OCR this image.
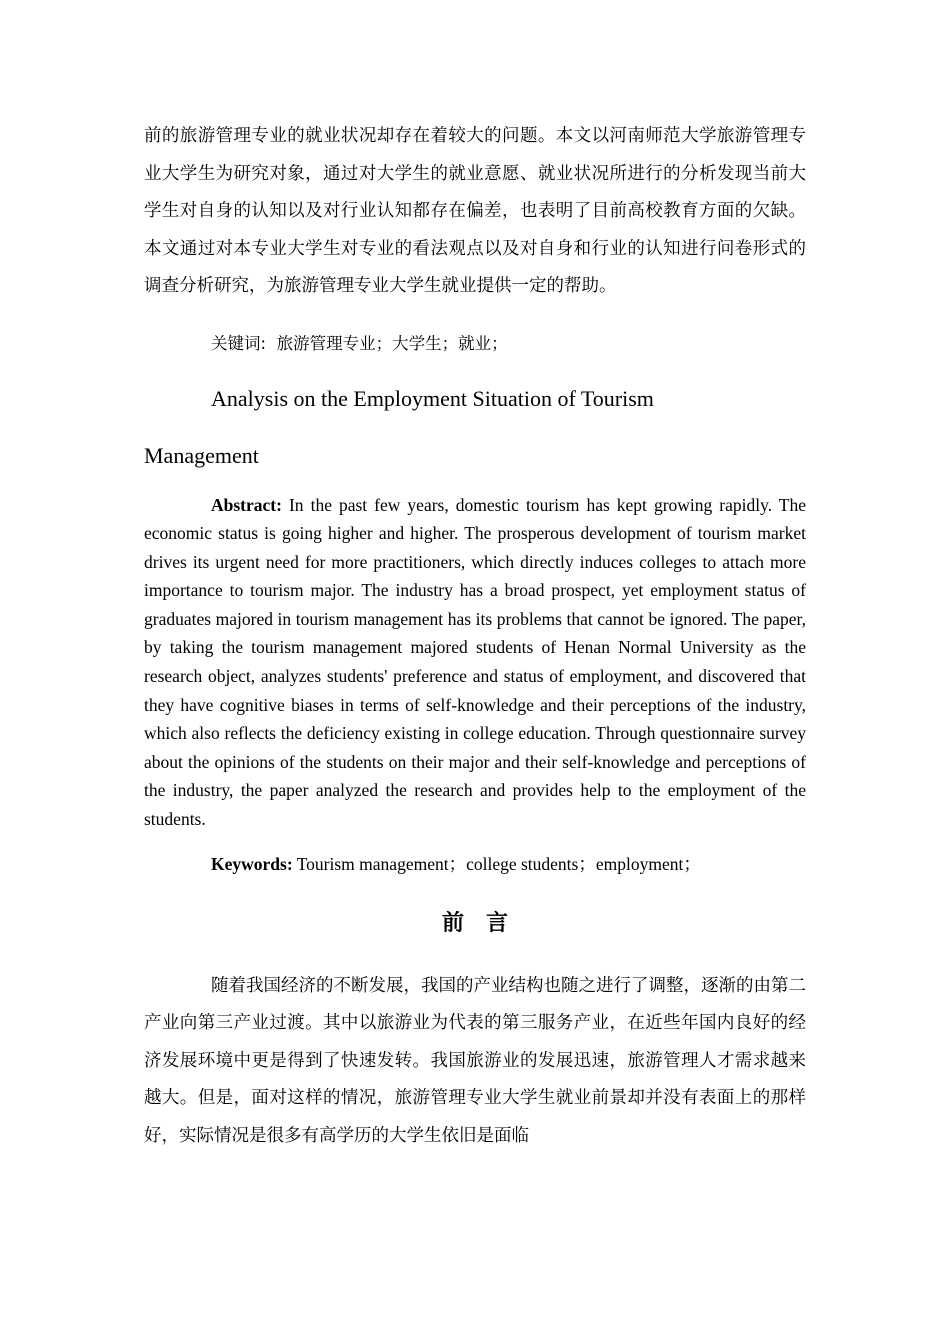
前的旅游管理专业的就业状况却存在着较大的问题。本文以河南师范大学旅游管理专业大学生为研究对象，通过对大学生的就业意愿、就业状况所进行的分析发现当前大学生对自身的认知以及对行业认知都存在偏差，也表明了目前高校教育方面的欠缺。本文通过对本专业大学生对专业的看法观点以及对自身和行业的认知进行问卷形式的调查分析研究，为旅游管理专业大学生就业提供一定的帮助。

关键词: 旅游管理专业；大学生；就业；

Analysis on the Employment Situation of Tourism
Management

Abstract: In the past few years, domestic tourism has kept growing rapidly. The economic status is going higher and higher. The prosperous development of tourism market drives its urgent need for more practitioners, which directly induces colleges to attach more importance to tourism major. The industry has a broad prospect, yet employment status of graduates majored in tourism management has its problems that cannot be ignored. The paper, by taking the tourism management majored students of Henan Normal University as the research object, analyzes students' preference and status of employment, and discovered that they have cognitive biases in terms of self-knowledge and their perceptions of the industry, which also reflects the deficiency existing in college education. Through questionnaire survey about the opinions of the students on their major and their self-knowledge and perceptions of the industry, the paper analyzed the research and provides help to the employment of the students.

Keywords: Tourism management；college students；employment；

前言

随着我国经济的不断发展，我国的产业结构也随之进行了调整，逐渐的由第二产业向第三产业过渡。其中以旅游业为代表的第三服务产业，在近些年国内良好的经济发展环境中更是得到了快速发转。我国旅游业的发展迅速，旅游管理人才需求越来越大。但是，面对这样的情况，旅游管理专业大学生就业前景却并没有表面上的那样好，实际情况是很多有高学历的大学生依旧是面临
